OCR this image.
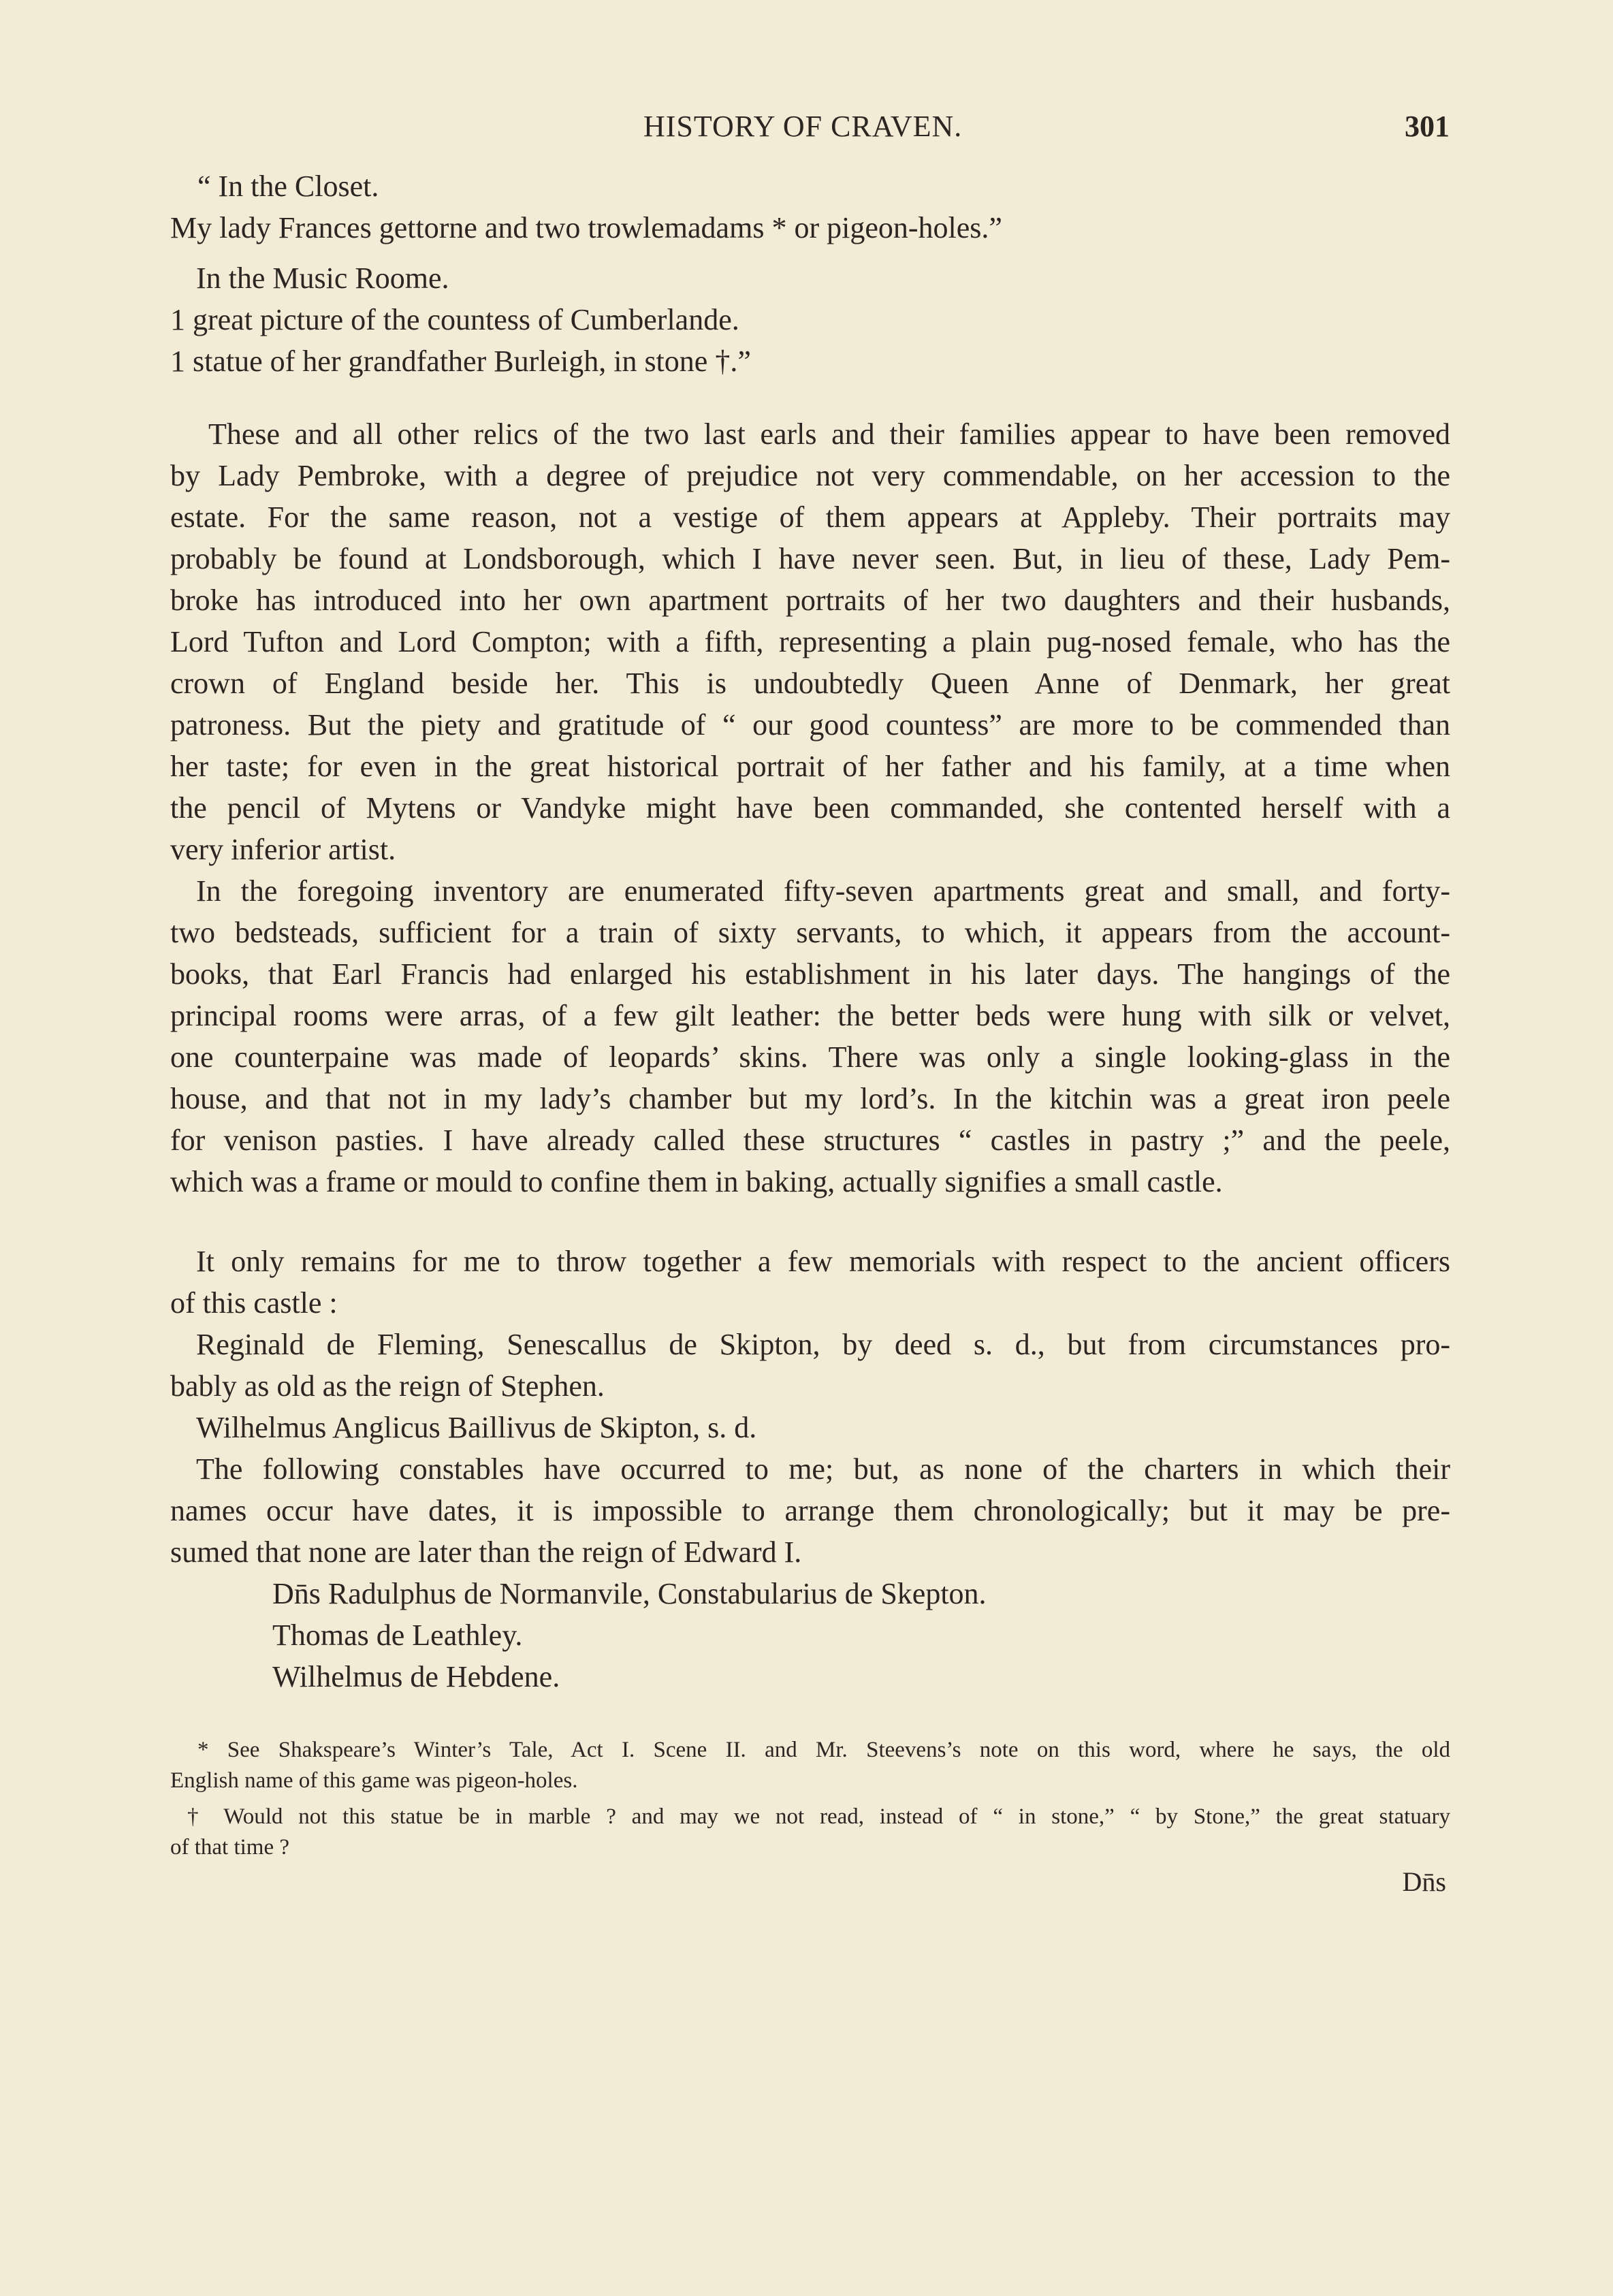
HISTORY OF CRAVEN.	301
“ In the Closet.
My lady Frances gettorne and two trowlemadams * or pigeon-holes.”
In the Music Roome.
1 great picture of the countess of Cumberlande.
1 statue of her grandfather Burleigh, in stone †.”
These and all other relics of the two last earls and their families appear to have been removed
by Lady Pembroke, with a degree of prejudice not very commendable, on her accession to the
estate. For the same reason, not a vestige of them appears at Appleby. Their portraits may
probably be found at Londsborough, which I have never seen. But, in lieu of these, Lady Pem-
broke has introduced into her own apartment portraits of her two daughters and their husbands,
Lord Tufton and Lord Compton; with a fifth, representing a plain pug-nosed female, who has the
crown of England beside her. This is undoubtedly Queen Anne of Denmark, her great
patroness. But the piety and gratitude of “ our good countess” are more to be commended than
her taste; for even in the great historical portrait of her father and his family, at a time when
the pencil of Mytens or Vandyke might have been commanded, she contented herself with a
very inferior artist.
In the foregoing inventory are enumerated fifty-seven apartments great and small, and forty-
two bedsteads, sufficient for a train of sixty servants, to which, it appears from the account-
books, that Earl Francis had enlarged his establishment in his later days. The hangings of the
principal rooms were arras, of a few gilt leather: the better beds were hung with silk or velvet,
one counterpaine was made of leopards’ skins. There was only a single looking-glass in the
house, and that not in my lady’s chamber but my lord’s. In the kitchin was a great iron peele
for venison pasties. I have already called these structures “ castles in pastry ;” and the peele,
which was a frame or mould to confine them in baking, actually signifies a small castle.
It only remains for me to throw together a few memorials with respect to the ancient officers
of this castle :
Reginald de Fleming, Senescallus de Skipton, by deed s. d., but from circumstances pro-
bably as old as the reign of Stephen.
Wilhelmus Anglicus Baillivus de Skipton, s. d.
The following constables have occurred to me; but, as none of the charters in which their
names occur have dates, it is impossible to arrange them chronologically; but it may be pre-
sumed that none are later than the reign of Edward I.
Dn̄s Radulphus de Normanvile, Constabularius de Skepton.
Thomas de Leathley.
Wilhelmus de Hebdene.
* See Shakspeare’s Winter’s Tale, Act I. Scene II. and Mr. Steevens’s note on this word, where he says, the old
English name of this game was pigeon-holes.
† Would not this statue be in marble ? and may we not read, instead of “ in stone,” “ by Stone,” the great statuary
of that time ?
Dn̄s
